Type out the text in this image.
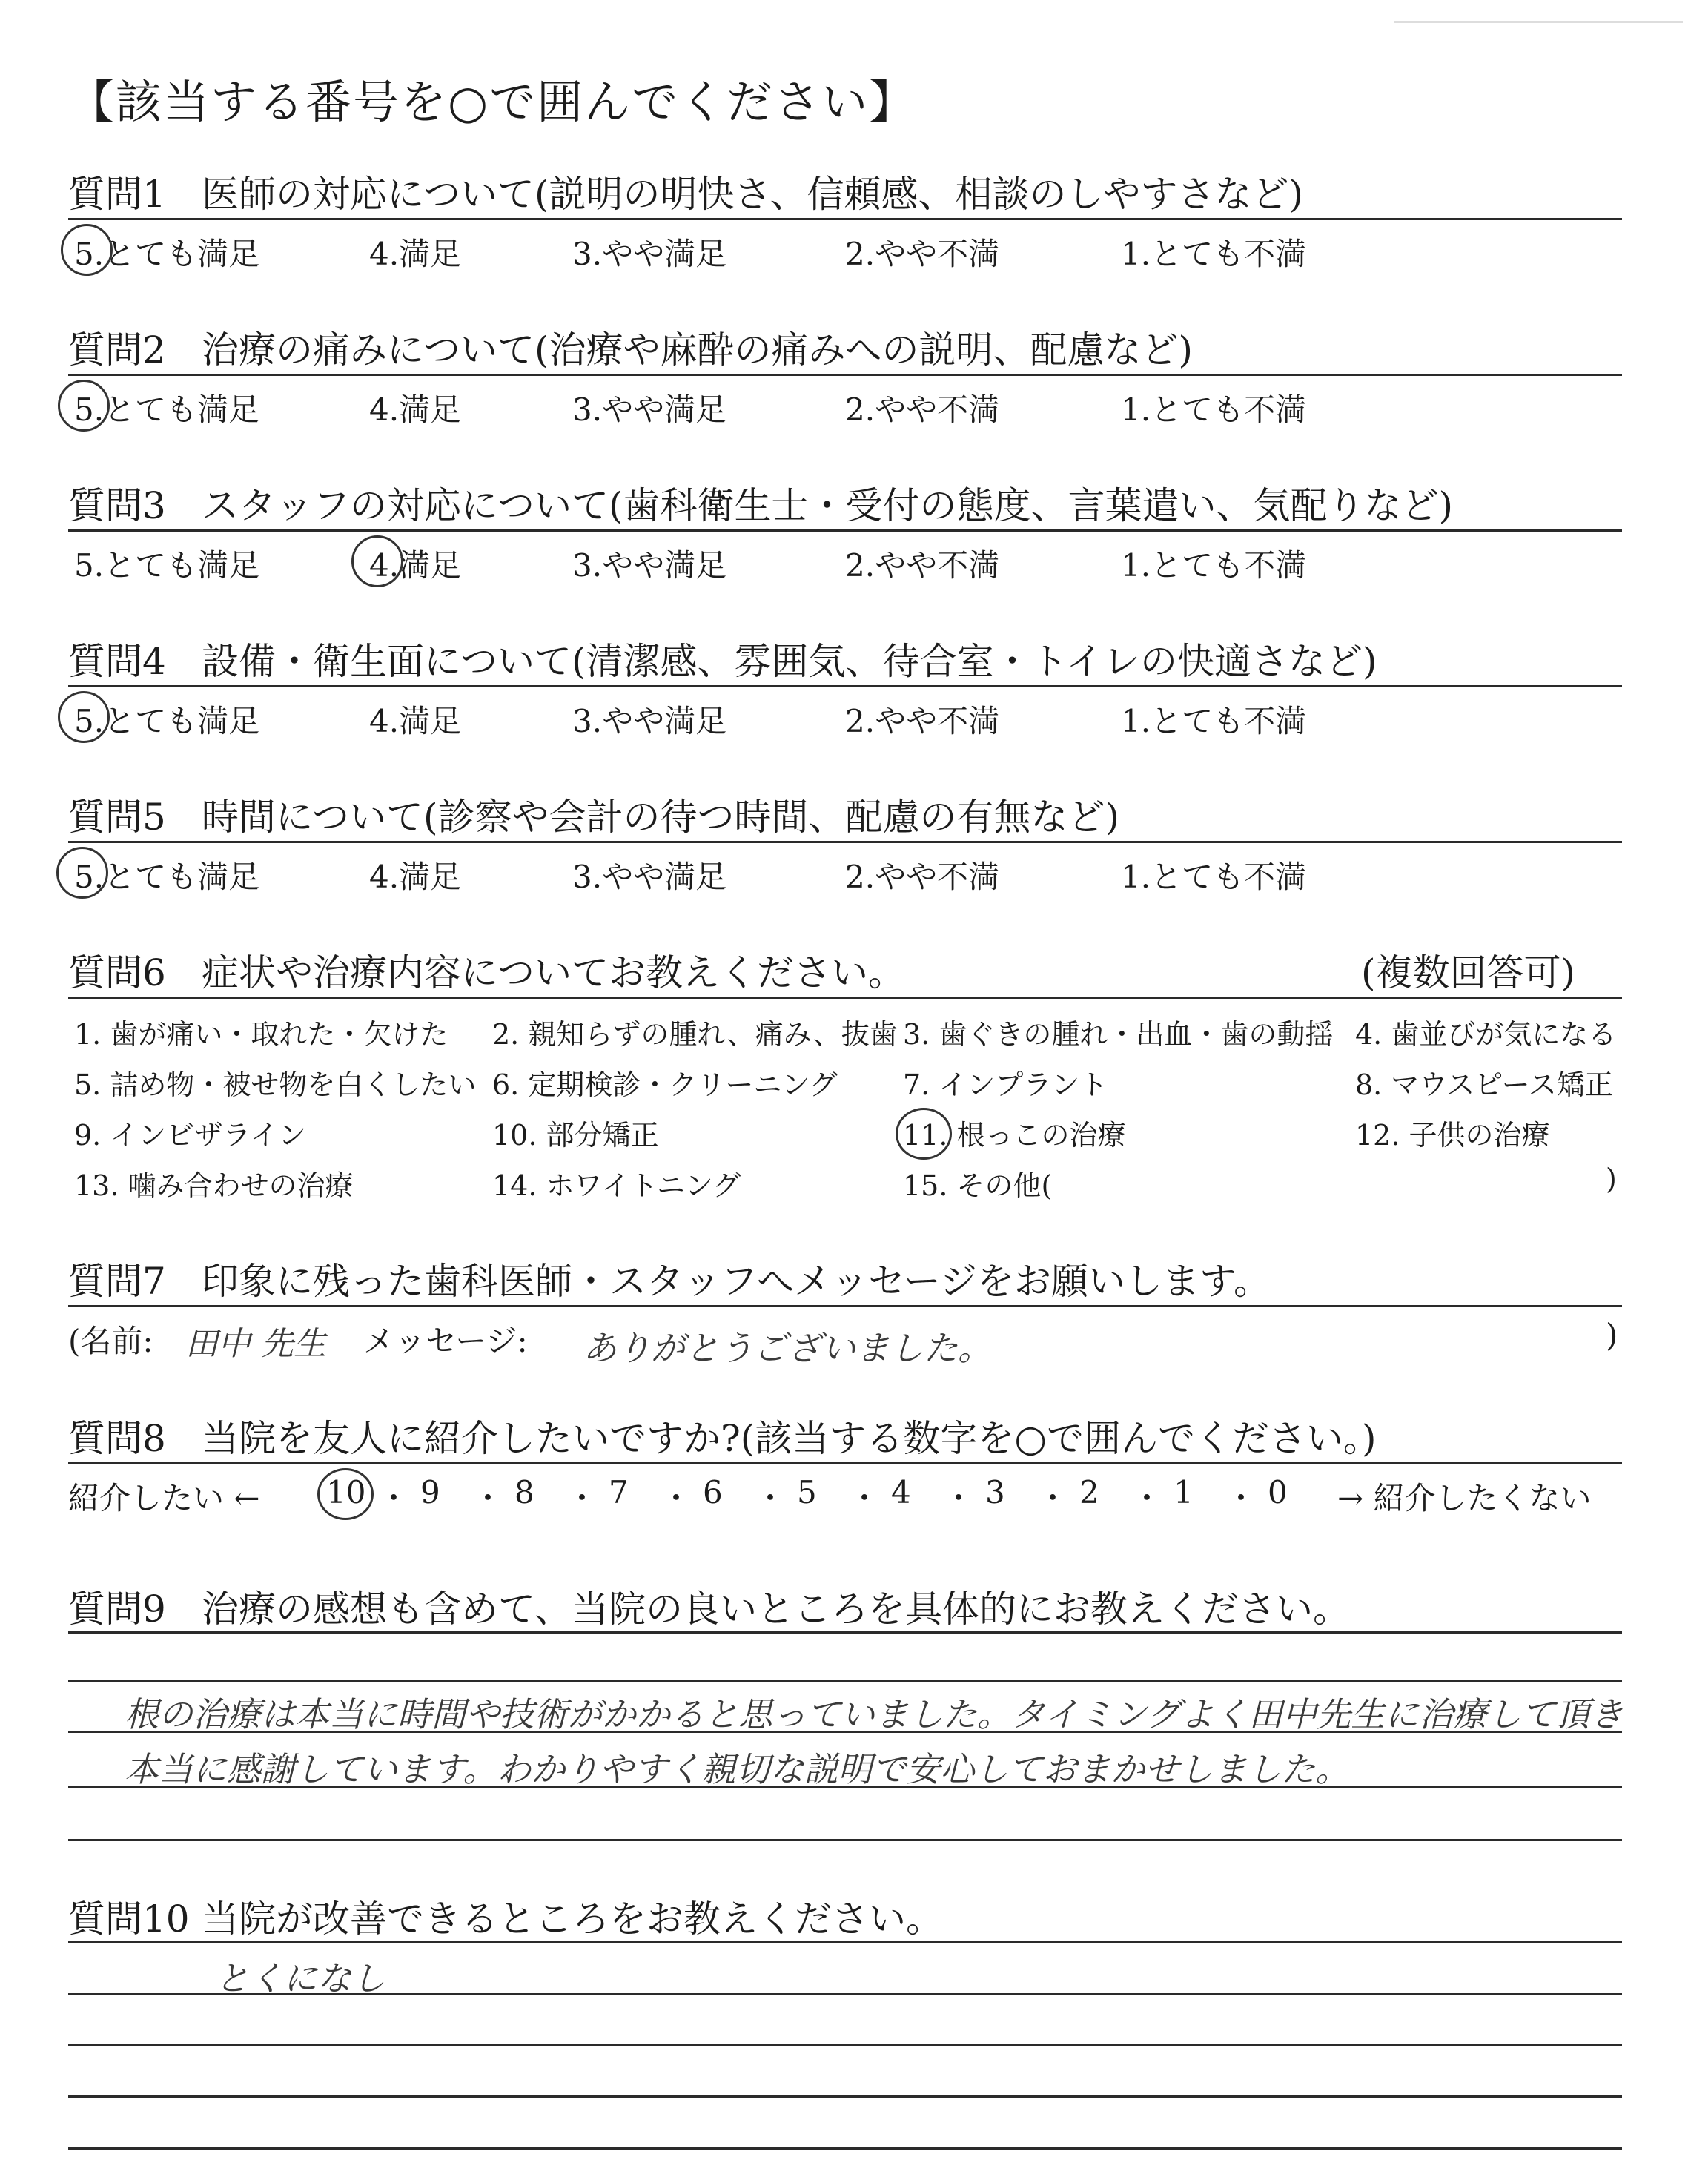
【該当する番号を○で囲んでください】
質問1 医師の対応について(説明の明快さ、信頼感、相談のしやすさなど)
5.とても満足	4.満足	3.やや満足	2.やや不満	1.とても不満
質問2 治療の痛みについて(治療や麻酔の痛みへの説明、配慮など)
5.とても満足	4.満足	3.やや満足	2.やや不満	1.とても不満
質問3 スタッフの対応について(歯科衛生士・受付の態度、言葉遣い、気配りなど)
5.とても満足	4.満足	3.やや満足	2.やや不満	1.とても不満
質問4 設備・衛生面について(清潔感、雰囲気、待合室・トイレの快適さなど)
5.とても満足	4.満足	3.やや満足	2.やや不満	1.とても不満
質問5 時間について(診察や会計の待つ時間、配慮の有無など)
5.とても満足	4.満足	3.やや満足	2.やや不満	1.とても不満
質問6 症状や治療内容についてお教えください。	(複数回答可)
1. 歯が痛い・取れた・欠けた 2. 親知らずの腫れ、痛み、抜歯 3. 歯ぐきの腫れ・出血・歯の動揺 4. 歯並びが気になる
5. 詰め物・被せ物を白くしたい 6. 定期検診・クリーニング 7. インプラント	8. マウスピース矯正
9. インビザライン	10. 部分矯正	11. 根っこの治療	12. 子供の治療
13. 噛み合わせの治療	14. ホワイトニング	15. その他(	)
質問7 印象に残った歯科医師・スタッフへメッセージをお願いします。
(名前: 田中 先生 メッセージ: ありがとうございました。	)
質問8 当院を友人に紹介したいですか?(該当する数字を○で囲んでください。)
紹介したい ← 10 ・ 9 ・ 8 ・ 7 ・ 6 ・ 5 ・ 4 ・ 3 ・ 2 ・ 1 ・ 0 → 紹介したくない
質問9 治療の感想も含めて、当院の良いところを具体的にお教えください。
根の治療は本当に時間や技術がかかると思っていました。タイミングよく田中先生に治療して頂き
本当に感謝しています。わかりやすく親切な説明で安心しておまかせしました。
質問10 当院が改善できるところをお教えください。
とくになし
